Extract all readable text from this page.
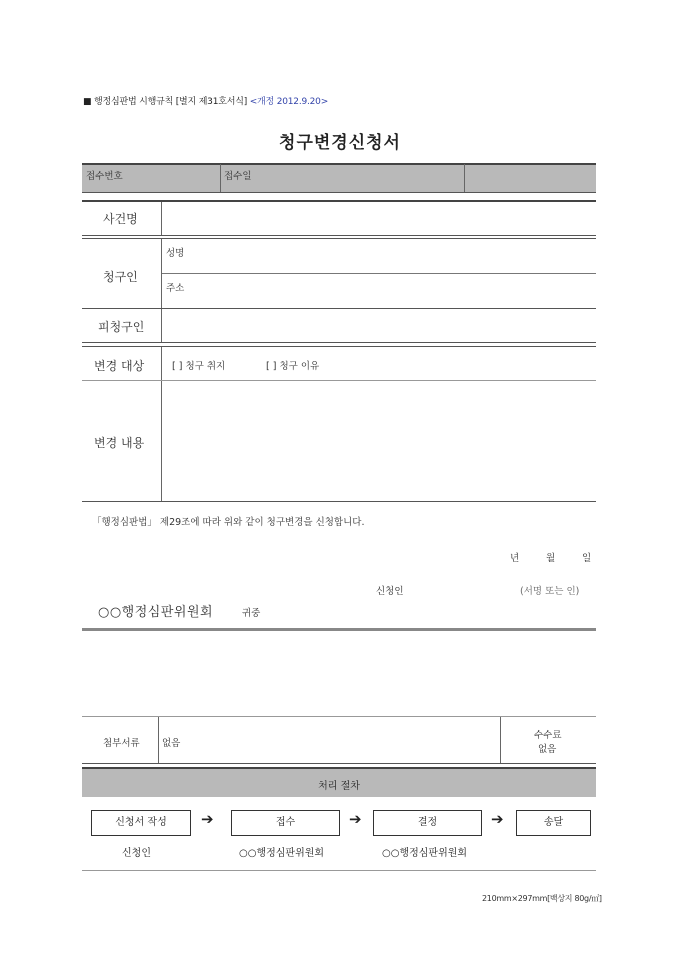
■ 행정심판법 시행규칙 [별지 제31호서식] <개정 2012.9.20>
청구변경신청서
접수번호	접수일
사건명
청구인
성명
주소
피청구인
변경 대상	[ ] 청구 취지	[ ] 청구 이유
변경 내용
「행정심판법」 제29조에 따라 위와 같이 청구변경을 신청합니다.
년	월	일
신청인	(서명 또는 인)
○○행정심판위원회	귀중
첨부서류 없음
수수료
없음
처리 절차
신청서 작성	➔	접수	➔	결정	➔	송달
신청인	○○행정심판위원회	○○행정심판위원회
210mm×297mm[백상지 80g/㎡]
